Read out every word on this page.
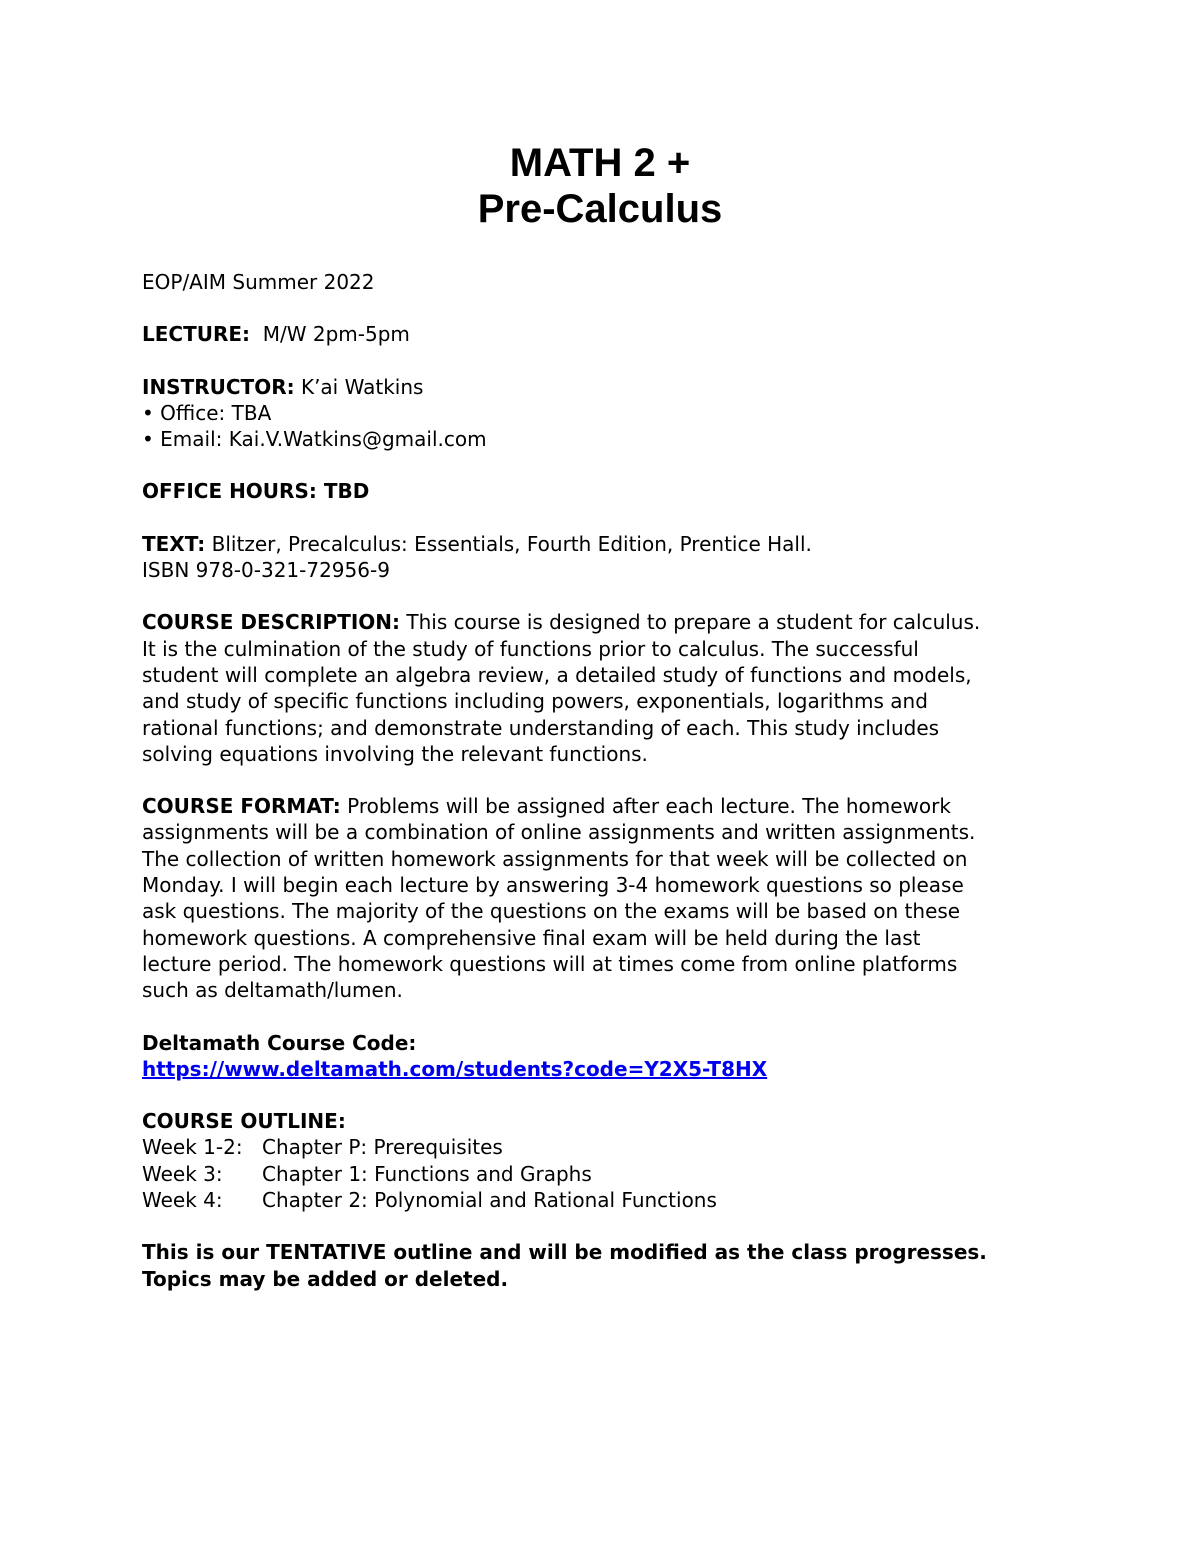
MATH 2 +
Pre-Calculus

EOP/AIM Summer 2022

LECTURE: M/W 2pm-5pm

INSTRUCTOR: K’ai Watkins

• Office: TBA
• Email: Kai.V.Watkins@gmail.com

OFFICE HOURS: TBD

TEXT: Blitzer, Precalculus: Essentials, Fourth Edition, Prentice Hall.

ISBN 978-0-321-72956-9

COURSE DESCRIPTION: This course is designed to prepare a student for calculus.

It is the culmination of the study of functions prior to calculus. The successful

student will complete an algebra review, a detailed study of functions and models,

and study of specific functions including powers, exponentials, logarithms and

rational functions; and demonstrate understanding of each. This study includes

solving equations involving the relevant functions.

COURSE FORMAT: Problems will be assigned after each lecture. The homework

assignments will be a combination of online assignments and written assignments.

The collection of written homework assignments for that week will be collected on

Monday. I will begin each lecture by answering 3-4 homework questions so please

ask questions. The majority of the questions on the exams will be based on these

homework questions. A comprehensive final exam will be held during the last

lecture period. The homework questions will at times come from online platforms

such as deltamath/lumen.

Deltamath Course Code:

https://www.deltamath.com/students?code=Y2X5-T8HX

COURSE OUTLINE:

Week 1-2: Chapter P: Prerequisites
Week 3:	Chapter 1: Functions and Graphs
Week 4:	Chapter 2: Polynomial and Rational Functions

This is our TENTATIVE outline and will be modified as the class progresses.

Topics may be added or deleted.
